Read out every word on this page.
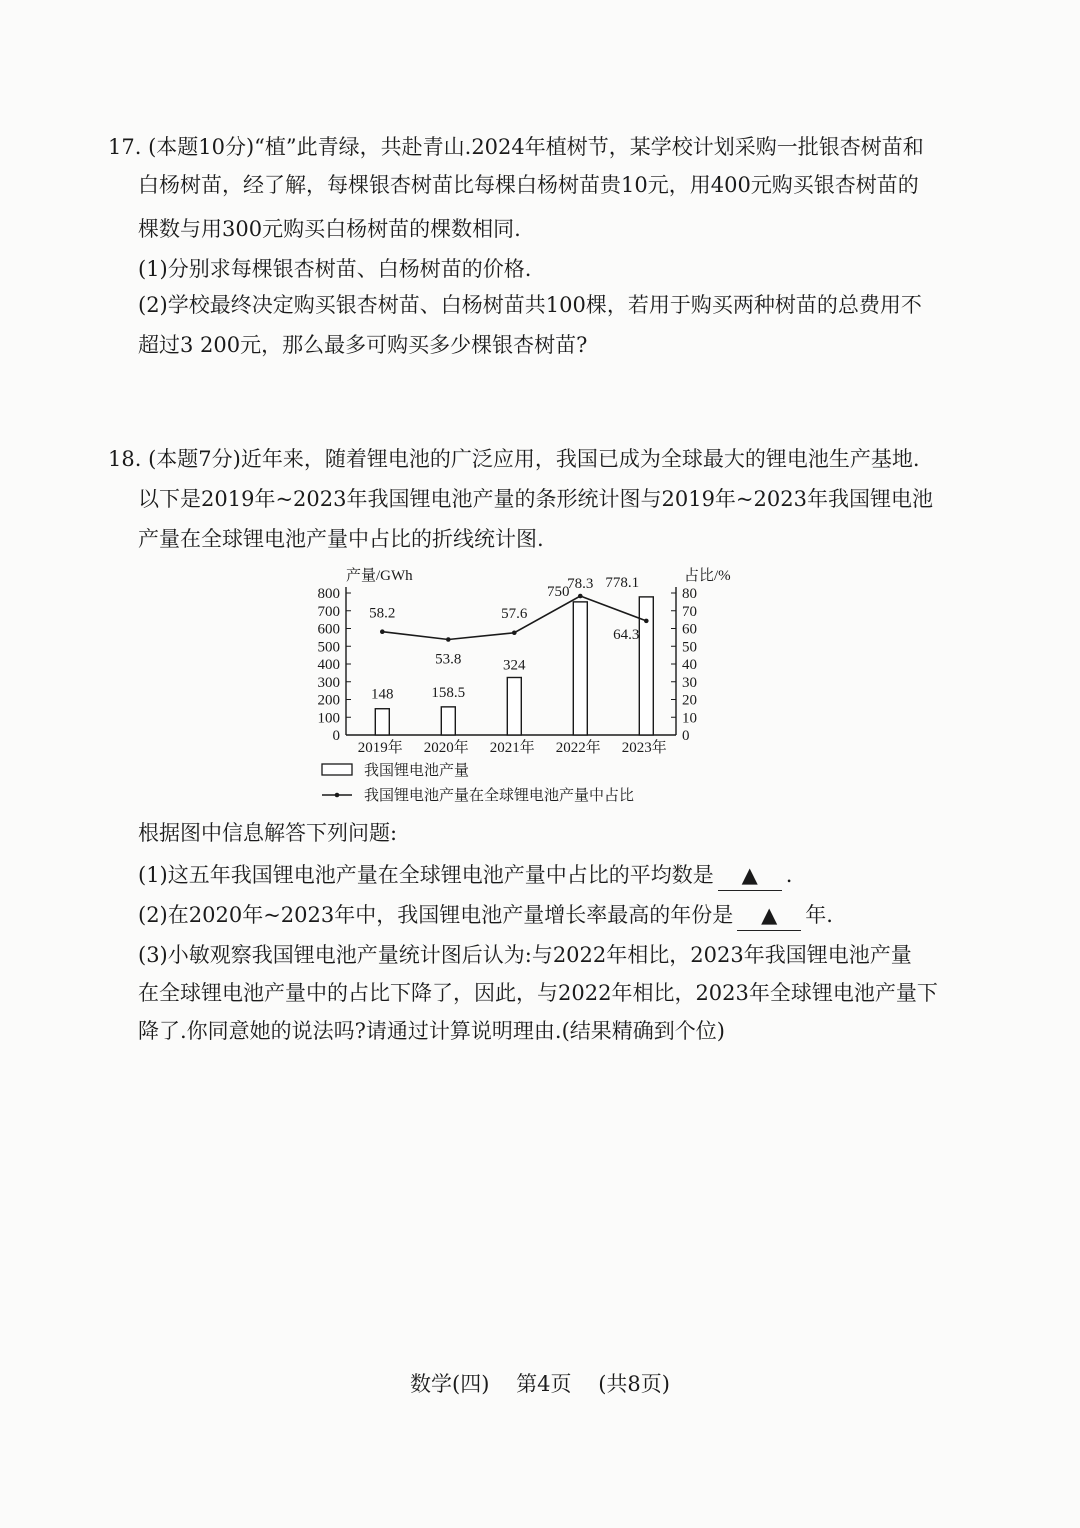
17. (本题10分)“植”此青绿，共赴青山.2024年植树节，某学校计划采购一批银杏树苗和
白杨树苗，经了解，每棵银杏树苗比每棵白杨树苗贵10元，用400元购买银杏树苗的
棵数与用300元购买白杨树苗的棵数相同.
(1)分别求每棵银杏树苗、白杨树苗的价格.
(2)学校最终决定购买银杏树苗、白杨树苗共100棵，若用于购买两种树苗的总费用不
超过3 200元，那么最多可购买多少棵银杏树苗?
18. (本题7分)近年来，随着锂电池的广泛应用，我国已成为全球最大的锂电池生产基地.
以下是2019年~2023年我国锂电池产量的条形统计图与2019年~2023年我国锂电池
产量在全球锂电池产量中占比的折线统计图.
产量/GWh	占比/%
0
100
200
300
400
500
600
700
800
0
10
20
30
40
50
60
70
80
148	158.5
324
750
778.1
2019年 2020年 2021年 2022年 2023年
58.2
53.8
57.6
78.3
64.3
我国锂电池产量
我国锂电池产量在全球锂电池产量中占比
根据图中信息解答下列问题:
(1)这五年我国锂电池产量在全球锂电池产量中占比的平均数是 ▲ .
(2)在2020年~2023年中，我国锂电池产量增长率最高的年份是 ▲ 年.
(3)小敏观察我国锂电池产量统计图后认为:与2022年相比，2023年我国锂电池产量
在全球锂电池产量中的占比下降了，因此，与2022年相比，2023年全球锂电池产量下
降了.你同意她的说法吗?请通过计算说明理由.(结果精确到个位)
数学(四) 第4页 (共8页)
